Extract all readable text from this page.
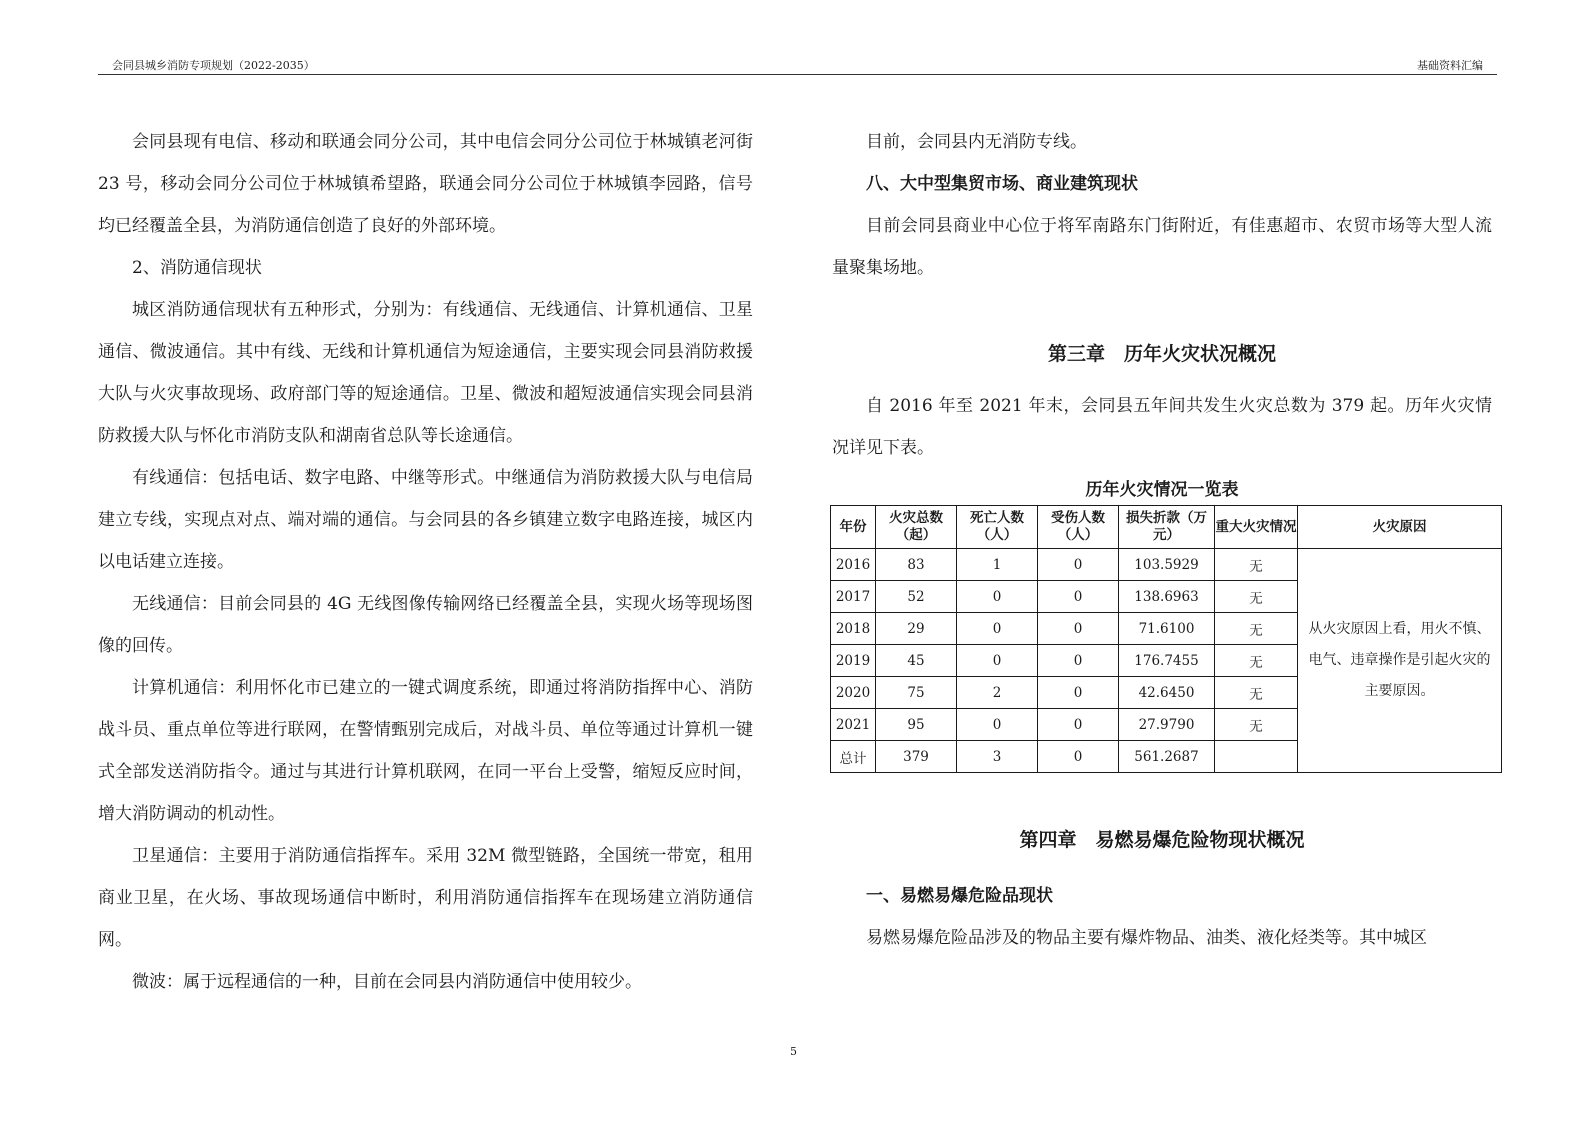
会同县城乡消防专项规划（2022-2035）	基础资料汇编

会同县现有电信、移动和联通会同分公司，其中电信会同分公司位于林城镇老河街 23 号，移动会同分公司位于林城镇希望路，联通会同分公司位于林城镇李园路，信号均已经覆盖全县，为消防通信创造了良好的外部环境。

2、消防通信现状

城区消防通信现状有五种形式，分别为：有线通信、无线通信、计算机通信、卫星通信、微波通信。其中有线、无线和计算机通信为短途通信，主要实现会同县消防救援大队与火灾事故现场、政府部门等的短途通信。卫星、微波和超短波通信实现会同县消防救援大队与怀化市消防支队和湖南省总队等长途通信。

有线通信：包括电话、数字电路、中继等形式。中继通信为消防救援大队与电信局建立专线，实现点对点、端对端的通信。与会同县的各乡镇建立数字电路连接，城区内以电话建立连接。

无线通信：目前会同县的 4G 无线图像传输网络已经覆盖全县，实现火场等现场图像的回传。

计算机通信：利用怀化市已建立的一键式调度系统，即通过将消防指挥中心、消防战斗员、重点单位等进行联网，在警情甄别完成后，对战斗员、单位等通过计算机一键式全部发送消防指令。通过与其进行计算机联网，在同一平台上受警，缩短反应时间，增大消防调动的机动性。

卫星通信：主要用于消防通信指挥车。采用 32M 微型链路，全国统一带宽，租用商业卫星，在火场、事故现场通信中断时，利用消防通信指挥车在现场建立消防通信网。

微波：属于远程通信的一种，目前在会同县内消防通信中使用较少。

目前，会同县内无消防专线。

八、大中型集贸市场、商业建筑现状

目前会同县商业中心位于将军南路东门街附近，有佳惠超市、农贸市场等大型人流量聚集场地。

第三章　历年火灾状况概况

自 2016 年至 2021 年末，会同县五年间共发生火灾总数为 379 起。历年火灾情况详见下表。

历年火灾情况一览表
年份	火灾总数（起）	死亡人数（人）	受伤人数（人）	损失折款（万元）	重大火灾情况	火灾原因
2016	83	1	0	103.5929	无	从火灾原因上看，用火不慎、电气、违章操作是引起火灾的主要原因。
2017	52	0	0	138.6963	无	
2018	29	0	0	71.6100	无	
2019	45	0	0	176.7455	无	
2020	75	2	0	42.6450	无	
2021	95	0	0	27.9790	无	
总计	379	3	0	561.2687		
第四章　易燃易爆危险物现状概况
一、易燃易爆危险品现状

易燃易爆危险品涉及的物品主要有爆炸物品、油类、液化烃类等。其中城区

5
